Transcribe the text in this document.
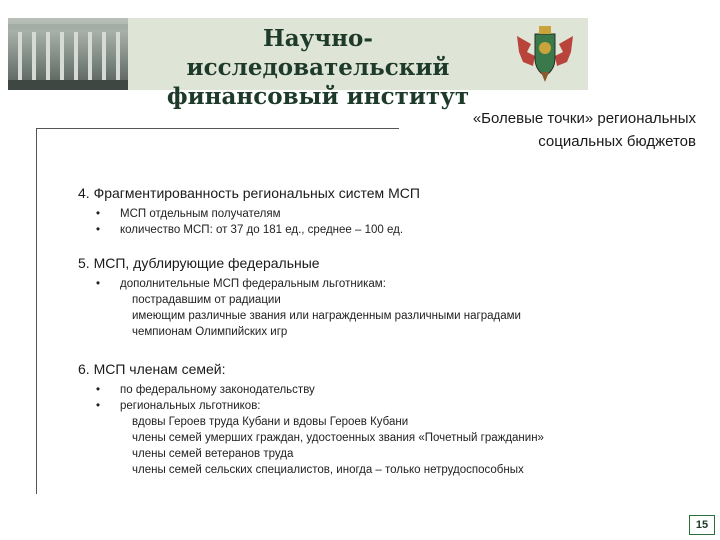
Научно-исследовательский
финансовый институт
«Болевые точки» региональных
социальных бюджетов
4. Фрагментированность региональных систем МСП
• МСП отдельным получателям
• количество МСП: от 37 до 181 ед., среднее – 100 ед.
5. МСП, дублирующие федеральные
• дополнительные МСП федеральным льготникам:
пострадавшим от радиации
имеющим различные звания или награжденным различными наградами
чемпионам Олимпийских игр
6. МСП членам семей:
• по федеральному законодательству
• региональных льготников:
вдовы Героев труда Кубани и вдовы Героев Кубани
члены семей умерших граждан, удостоенных звания «Почетный гражданин»
члены семей ветеранов труда
члены семей сельских специалистов, иногда – только нетрудоспособных
15
